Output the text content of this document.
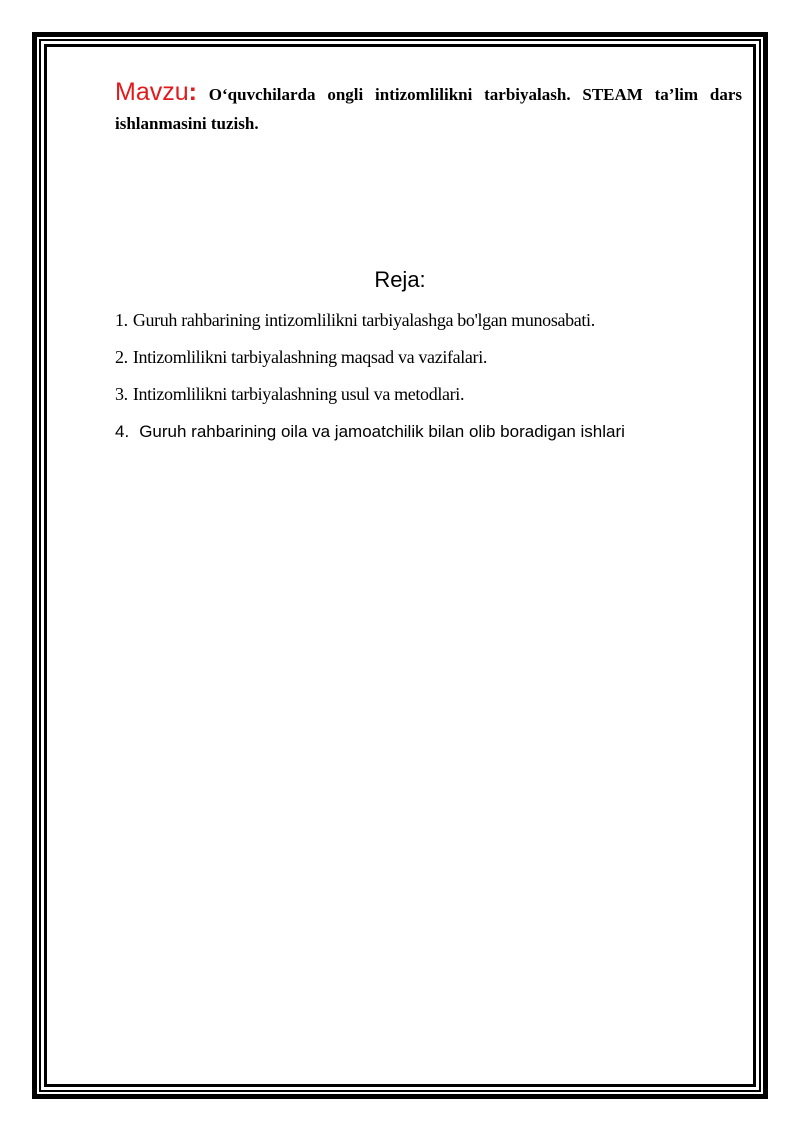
Mavzu: O‘quvchilarda ongli intizomlilikni tarbiyalash. STEAM ta’lim dars ishlanmasini tuzish.

Reja:
1. Guruh rahbarining intizomlilikni tarbiyalashga bo'lgan munosabati.
2. Intizomlilikni tarbiyalashning maqsad va vazifalari.
3. Intizomlilikni tarbiyalashning usul va metodlari.
4. Guruh rahbarining oila va jamoatchilik bilan olib boradigan ishlari
